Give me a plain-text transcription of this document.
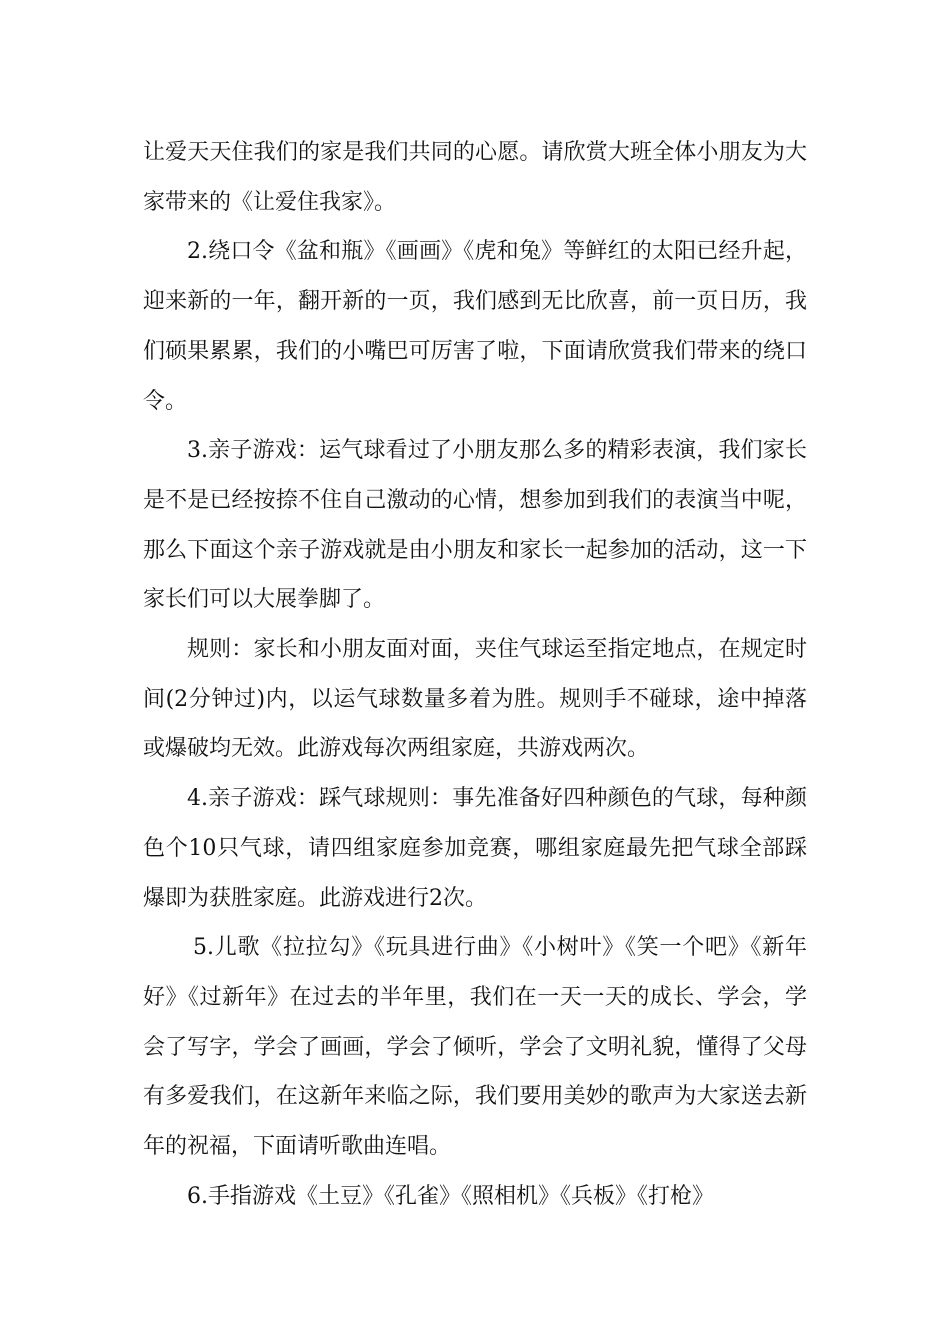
让爱天天住我们的家是我们共同的心愿。请欣赏大班全体小朋友为大家带来的《让爱住我家》。

2.绕口令《盆和瓶》《画画》《虎和兔》等鲜红的太阳已经升起，迎来新的一年，翻开新的一页，我们感到无比欣喜，前一页日历，我们硕果累累，我们的小嘴巴可厉害了啦，下面请欣赏我们带来的绕口令。

3.亲子游戏：运气球看过了小朋友那么多的精彩表演，我们家长是不是已经按捺不住自己激动的心情，想参加到我们的表演当中呢，那么下面这个亲子游戏就是由小朋友和家长一起参加的活动，这一下家长们可以大展拳脚了。

规则：家长和小朋友面对面，夹住气球运至指定地点，在规定时间(2分钟过)内，以运气球数量多着为胜。规则手不碰球，途中掉落或爆破均无效。此游戏每次两组家庭，共游戏两次。

4.亲子游戏：踩气球规则：事先准备好四种颜色的气球，每种颜色个10只气球，请四组家庭参加竞赛，哪组家庭最先把气球全部踩爆即为获胜家庭。此游戏进行2次。

5.儿歌《拉拉勾》《玩具进行曲》《小树叶》《笑一个吧》《新年好》《过新年》在过去的半年里，我们在一天一天的成长、学会，学会了写字，学会了画画，学会了倾听，学会了文明礼貌，懂得了父母有多爱我们，在这新年来临之际，我们要用美妙的歌声为大家送去新年的祝福，下面请听歌曲连唱。

6.手指游戏《土豆》《孔雀》《照相机》《兵板》《打枪》
